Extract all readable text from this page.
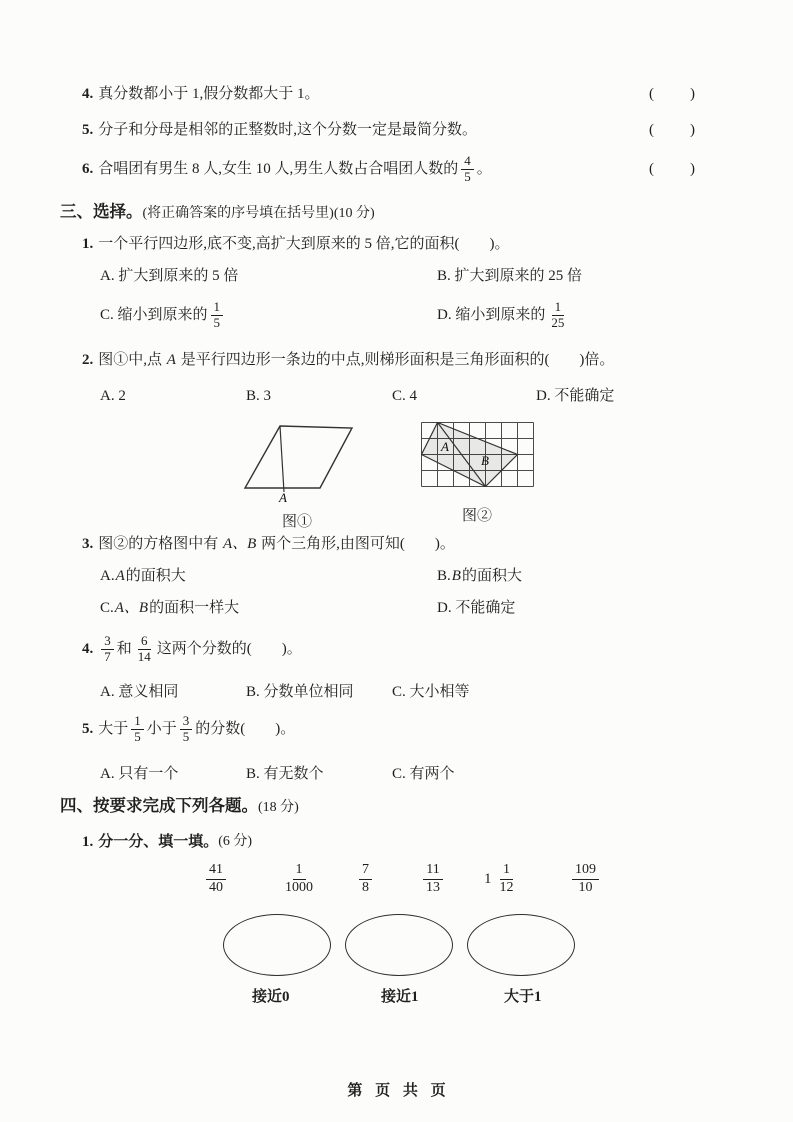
4. 真分数都小于 1,假分数都大于 1。	(　　)
5. 分子和分母是相邻的正整数时,这个分数一定是最简分数。	(　　)
6. 合唱团有男生 8 人,女生 10 人,男生人数占合唱团人数的 $\frac{4}{5}$ 。	(　　)
三、选择。(将正确答案的序号填在括号里)(10 分)
1. 一个平行四边形,底不变,高扩大到原来的 5 倍,它的面积(　　)。
A. 扩大到原来的 5 倍	B. 扩大到原来的 25 倍
C. 缩小到原来的 $\frac{1}{5}$	D. 缩小到原来的 $\frac{1}{25}$
2. 图①中,点 A 是平行四边形一条边的中点,则梯形面积是三角形面积的(　　)倍。
A. 2	B. 3	C. 4	D. 不能确定
A
图①
A
B
图②
3. 图②的方格图中有 A、B 两个三角形,由图可知(　　)。
A. A 的面积大	B. B 的面积大
C. A、B 的面积一样大	D. 不能确定
4. $\frac{3}{7}$ 和 $\frac{6}{14}$ 这两个分数的(　　)。
A. 意义相同	B. 分数单位相同	C. 大小相等
5. 大于 $\frac{1}{5}$ 小于 $\frac{3}{5}$ 的分数(　　)。
A. 只有一个	B. 有无数个	C. 有两个
四、按要求完成下列各题。(18 分)
1. 分一分、填一填。 (6 分)
$\frac{41}{40}$	$\frac{1}{1000}$	$\frac{7}{8}$	$\frac{11}{13}$	$1 \frac{1}{12}$	$\frac{109}{10}$
接近0	接近1	大于1
第 页 共 页
